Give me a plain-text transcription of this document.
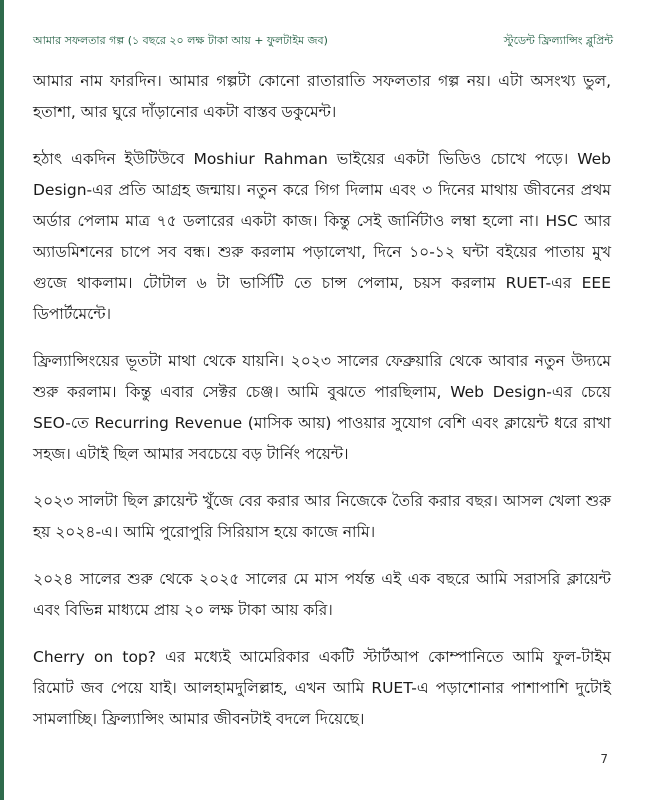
আমার সফলতার গল্প (১ বছরে ২০ লক্ষ টাকা আয় + ফুলটাইম জব)	স্টুডেন্ট ফ্রিল্যান্সিং ব্লুপ্রিন্ট

আমার নাম ফারদিন। আমার গল্পটা কোনো রাতারাতি সফলতার গল্প নয়। এটা অসংখ্য ভুল, হতাশা, আর ঘুরে দাঁড়ানোর একটা বাস্তব ডকুমেন্ট।

হঠাৎ একদিন ইউটিউবে Moshiur Rahman ভাইয়ের একটা ভিডিও চোখে পড়ে। Web Design-এর প্রতি আগ্রহ জন্মায়। নতুন করে গিগ দিলাম এবং ৩ দিনের মাথায় জীবনের প্রথম অর্ডার পেলাম মাত্র ৭৫ ডলারের একটা কাজ। কিন্তু সেই জার্নিটাও লম্বা হলো না। HSC আর অ্যাডমিশনের চাপে সব বন্ধ। শুরু করলাম পড়ালেখা, দিনে ১০-১২ ঘন্টা বইয়ের পাতায় মুখ গুজে থাকলাম। টোটাল ৬ টা ভার্সিটি তে চান্স পেলাম, চয়স করলাম RUET-এর EEE ডিপার্টমেন্টে।

ফ্রিল্যান্সিংয়ের ভূতটা মাথা থেকে যায়নি। ২০২৩ সালের ফেব্রুয়ারি থেকে আবার নতুন উদ্যমে শুরু করলাম। কিন্তু এবার সেক্টর চেঞ্জ। আমি বুঝতে পারছিলাম, Web Design-এর চেয়ে SEO-তে Recurring Revenue (মাসিক আয়) পাওয়ার সুযোগ বেশি এবং ক্লায়েন্ট ধরে রাখা সহজ। এটাই ছিল আমার সবচেয়ে বড় টার্নিং পয়েন্ট।

২০২৩ সালটা ছিল ক্লায়েন্ট খুঁজে বের করার আর নিজেকে তৈরি করার বছর। আসল খেলা শুরু হয় ২০২৪-এ। আমি পুরোপুরি সিরিয়াস হয়ে কাজে নামি।

২০২৪ সালের শুরু থেকে ২০২৫ সালের মে মাস পর্যন্ত এই এক বছরে আমি সরাসরি ক্লায়েন্ট এবং বিভিন্ন মাধ্যমে প্রায় ২০ লক্ষ টাকা আয় করি।

Cherry on top? এর মধ্যেই আমেরিকার একটি স্টার্টআপ কোম্পানিতে আমি ফুল-টাইম রিমোট জব পেয়ে যাই। আলহামদুলিল্লাহ, এখন আমি RUET-এ পড়াশোনার পাশাপাশি দুটোই সামলাচ্ছি। ফ্রিল্যান্সিং আমার জীবনটাই বদলে দিয়েছে।

7
